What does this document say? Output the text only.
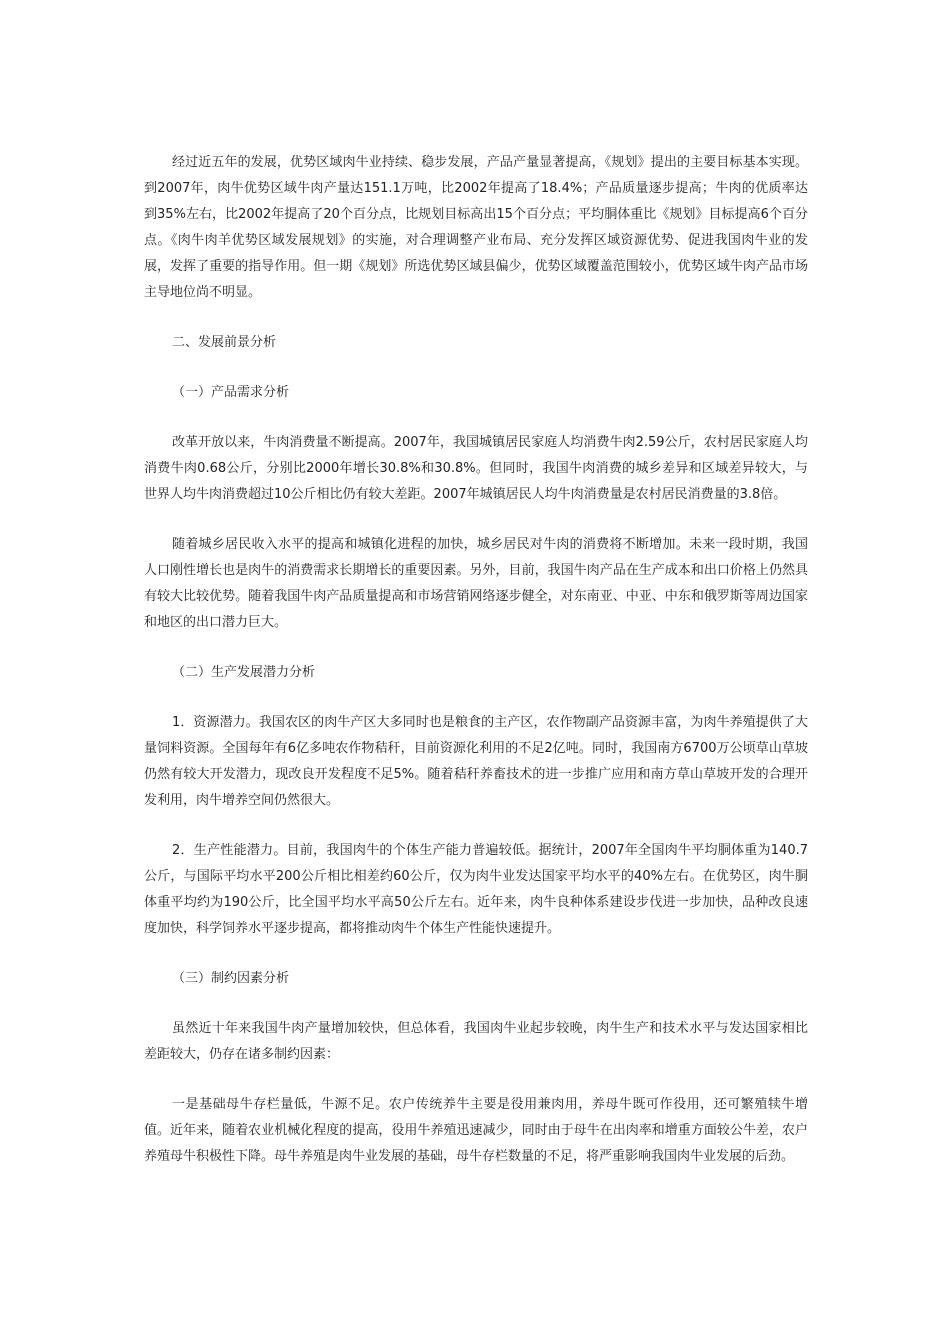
经过近五年的发展，优势区域肉牛业持续、稳步发展，产品产量显著提高，《规划》提出的主要目标基本实现。到2007年，肉牛优势区域牛肉产量达151.1万吨，比2002年提高了18.4%；产品质量逐步提高；牛肉的优质率达到35%左右，比2002年提高了20个百分点，比规划目标高出15个百分点；平均胴体重比《规划》目标提高6个百分点。《肉牛肉羊优势区域发展规划》的实施，对合理调整产业布局、充分发挥区域资源优势、促进我国肉牛业的发展，发挥了重要的指导作用。但一期《规划》所选优势区域县偏少，优势区域覆盖范围较小，优势区域牛肉产品市场主导地位尚不明显。

二、发展前景分析

（一）产品需求分析

改革开放以来，牛肉消费量不断提高。2007年，我国城镇居民家庭人均消费牛肉2.59公斤，农村居民家庭人均消费牛肉0.68公斤，分别比2000年增长30.8%和30.8%。但同时，我国牛肉消费的城乡差异和区域差异较大，与世界人均牛肉消费超过10公斤相比仍有较大差距。2007年城镇居民人均牛肉消费量是农村居民消费量的3.8倍。

随着城乡居民收入水平的提高和城镇化进程的加快，城乡居民对牛肉的消费将不断增加。未来一段时期，我国人口刚性增长也是肉牛的消费需求长期增长的重要因素。另外，目前，我国牛肉产品在生产成本和出口价格上仍然具有较大比较优势。随着我国牛肉产品质量提高和市场营销网络逐步健全，对东南亚、中亚、中东和俄罗斯等周边国家和地区的出口潜力巨大。

（二）生产发展潜力分析

1．资源潜力。我国农区的肉牛产区大多同时也是粮食的主产区，农作物副产品资源丰富，为肉牛养殖提供了大量饲料资源。全国每年有6亿多吨农作物秸秆，目前资源化利用的不足2亿吨。同时，我国南方6700万公顷草山草坡仍然有较大开发潜力，现改良开发程度不足5%。随着秸秆养畜技术的进一步推广应用和南方草山草坡开发的合理开发利用，肉牛增养空间仍然很大。

2．生产性能潜力。目前，我国肉牛的个体生产能力普遍较低。据统计，2007年全国肉牛平均胴体重为140.7公斤，与国际平均水平200公斤相比相差约60公斤，仅为肉牛业发达国家平均水平的40%左右。在优势区，肉牛胴体重平均约为190公斤，比全国平均水平高50公斤左右。近年来，肉牛良种体系建设步伐进一步加快，品种改良速度加快，科学饲养水平逐步提高，都将推动肉牛个体生产性能快速提升。

（三）制约因素分析

虽然近十年来我国牛肉产量增加较快，但总体看，我国肉牛业起步较晚，肉牛生产和技术水平与发达国家相比差距较大，仍存在诸多制约因素：

一是基础母牛存栏量低，牛源不足。农户传统养牛主要是役用兼肉用，养母牛既可作役用，还可繁殖犊牛增值。近年来，随着农业机械化程度的提高，役用牛养殖迅速减少，同时由于母牛在出肉率和增重方面较公牛差，农户养殖母牛积极性下降。母牛养殖是肉牛业发展的基础，母牛存栏数量的不足，将严重影响我国肉牛业发展的后劲。
